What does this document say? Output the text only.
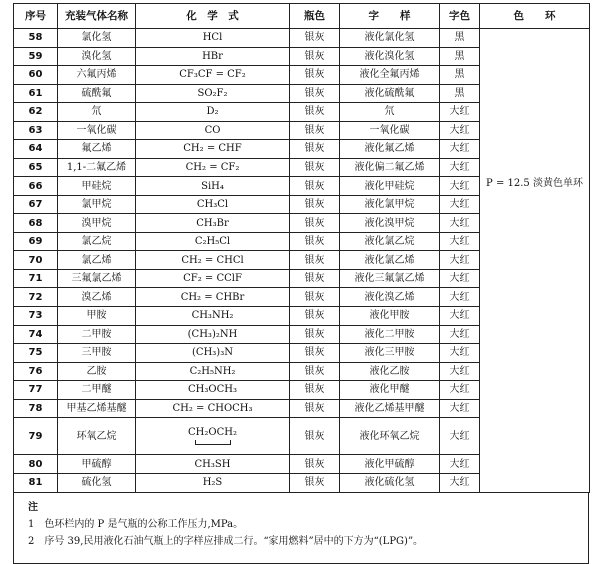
序号	充装气体名称	化　学　式	瓶色	字　　样	字色	色　　环
58	氯化氢	HCl	银灰	液化氯化氢	黑	P = 12.5 淡黄色单环

59	溴化氢	HBr	银灰	液化溴化氢	黑	
60	六氟丙烯	CF₃CF = CF₂	银灰	液化全氟丙烯	黑	
61	硫酰氟	SO₂F₂	银灰	液化硫酰氟	黑	
62	氘	D₂	银灰	氘	大红	
63	一氧化碳	CO	银灰	一氧化碳	大红	
64	氟乙烯	CH₂ = CHF	银灰	液化氟乙烯	大红	
65	1,1-二氟乙烯	CH₂ = CF₂	银灰	液化偏二氟乙烯	大红	
66	甲硅烷	SiH₄	银灰	液化甲硅烷	大红	
67	氯甲烷	CH₃Cl	银灰	液化氯甲烷	大红	
68	溴甲烷	CH₃Br	银灰	液化溴甲烷	大红	
69	氯乙烷	C₂H₅Cl	银灰	液化氯乙烷	大红	
70	氯乙烯	CH₂ = CHCl	银灰	液化氯乙烯	大红	
71	三氟氯乙烯	CF₂ = CClF	银灰	液化三氟氯乙烯	大红	
72	溴乙烯	CH₂ = CHBr	银灰	液化溴乙烯	大红	
73	甲胺	CH₃NH₂	银灰	液化甲胺	大红	
74	二甲胺	(CH₃)₂NH	银灰	液化二甲胺	大红	
75	三甲胺	(CH₃)₃N	银灰	液化三甲胺	大红	
76	乙胺	C₂H₅NH₂	银灰	液化乙胺	大红	
77	二甲醚	CH₃OCH₃	银灰	液化甲醚	大红	
78	甲基乙烯基醚	CH₂ = CHOCH₃	银灰	液化乙烯基甲醚	大红	
79	环氧乙烷	CH₂OCH₂	银灰	液化环氧乙烷	大红	
80	甲硫醇	CH₃SH	银灰	液化甲硫醇	大红	
81	硫化氢	H₂S	银灰	液化硫化氢	大红	
注
1　色环栏内的 P 是气瓶的公称工作压力,MPa。
2　序号 39,民用液化石油气瓶上的字样应排成二行。“家用燃料”居中的下方为“(LPG)”。
